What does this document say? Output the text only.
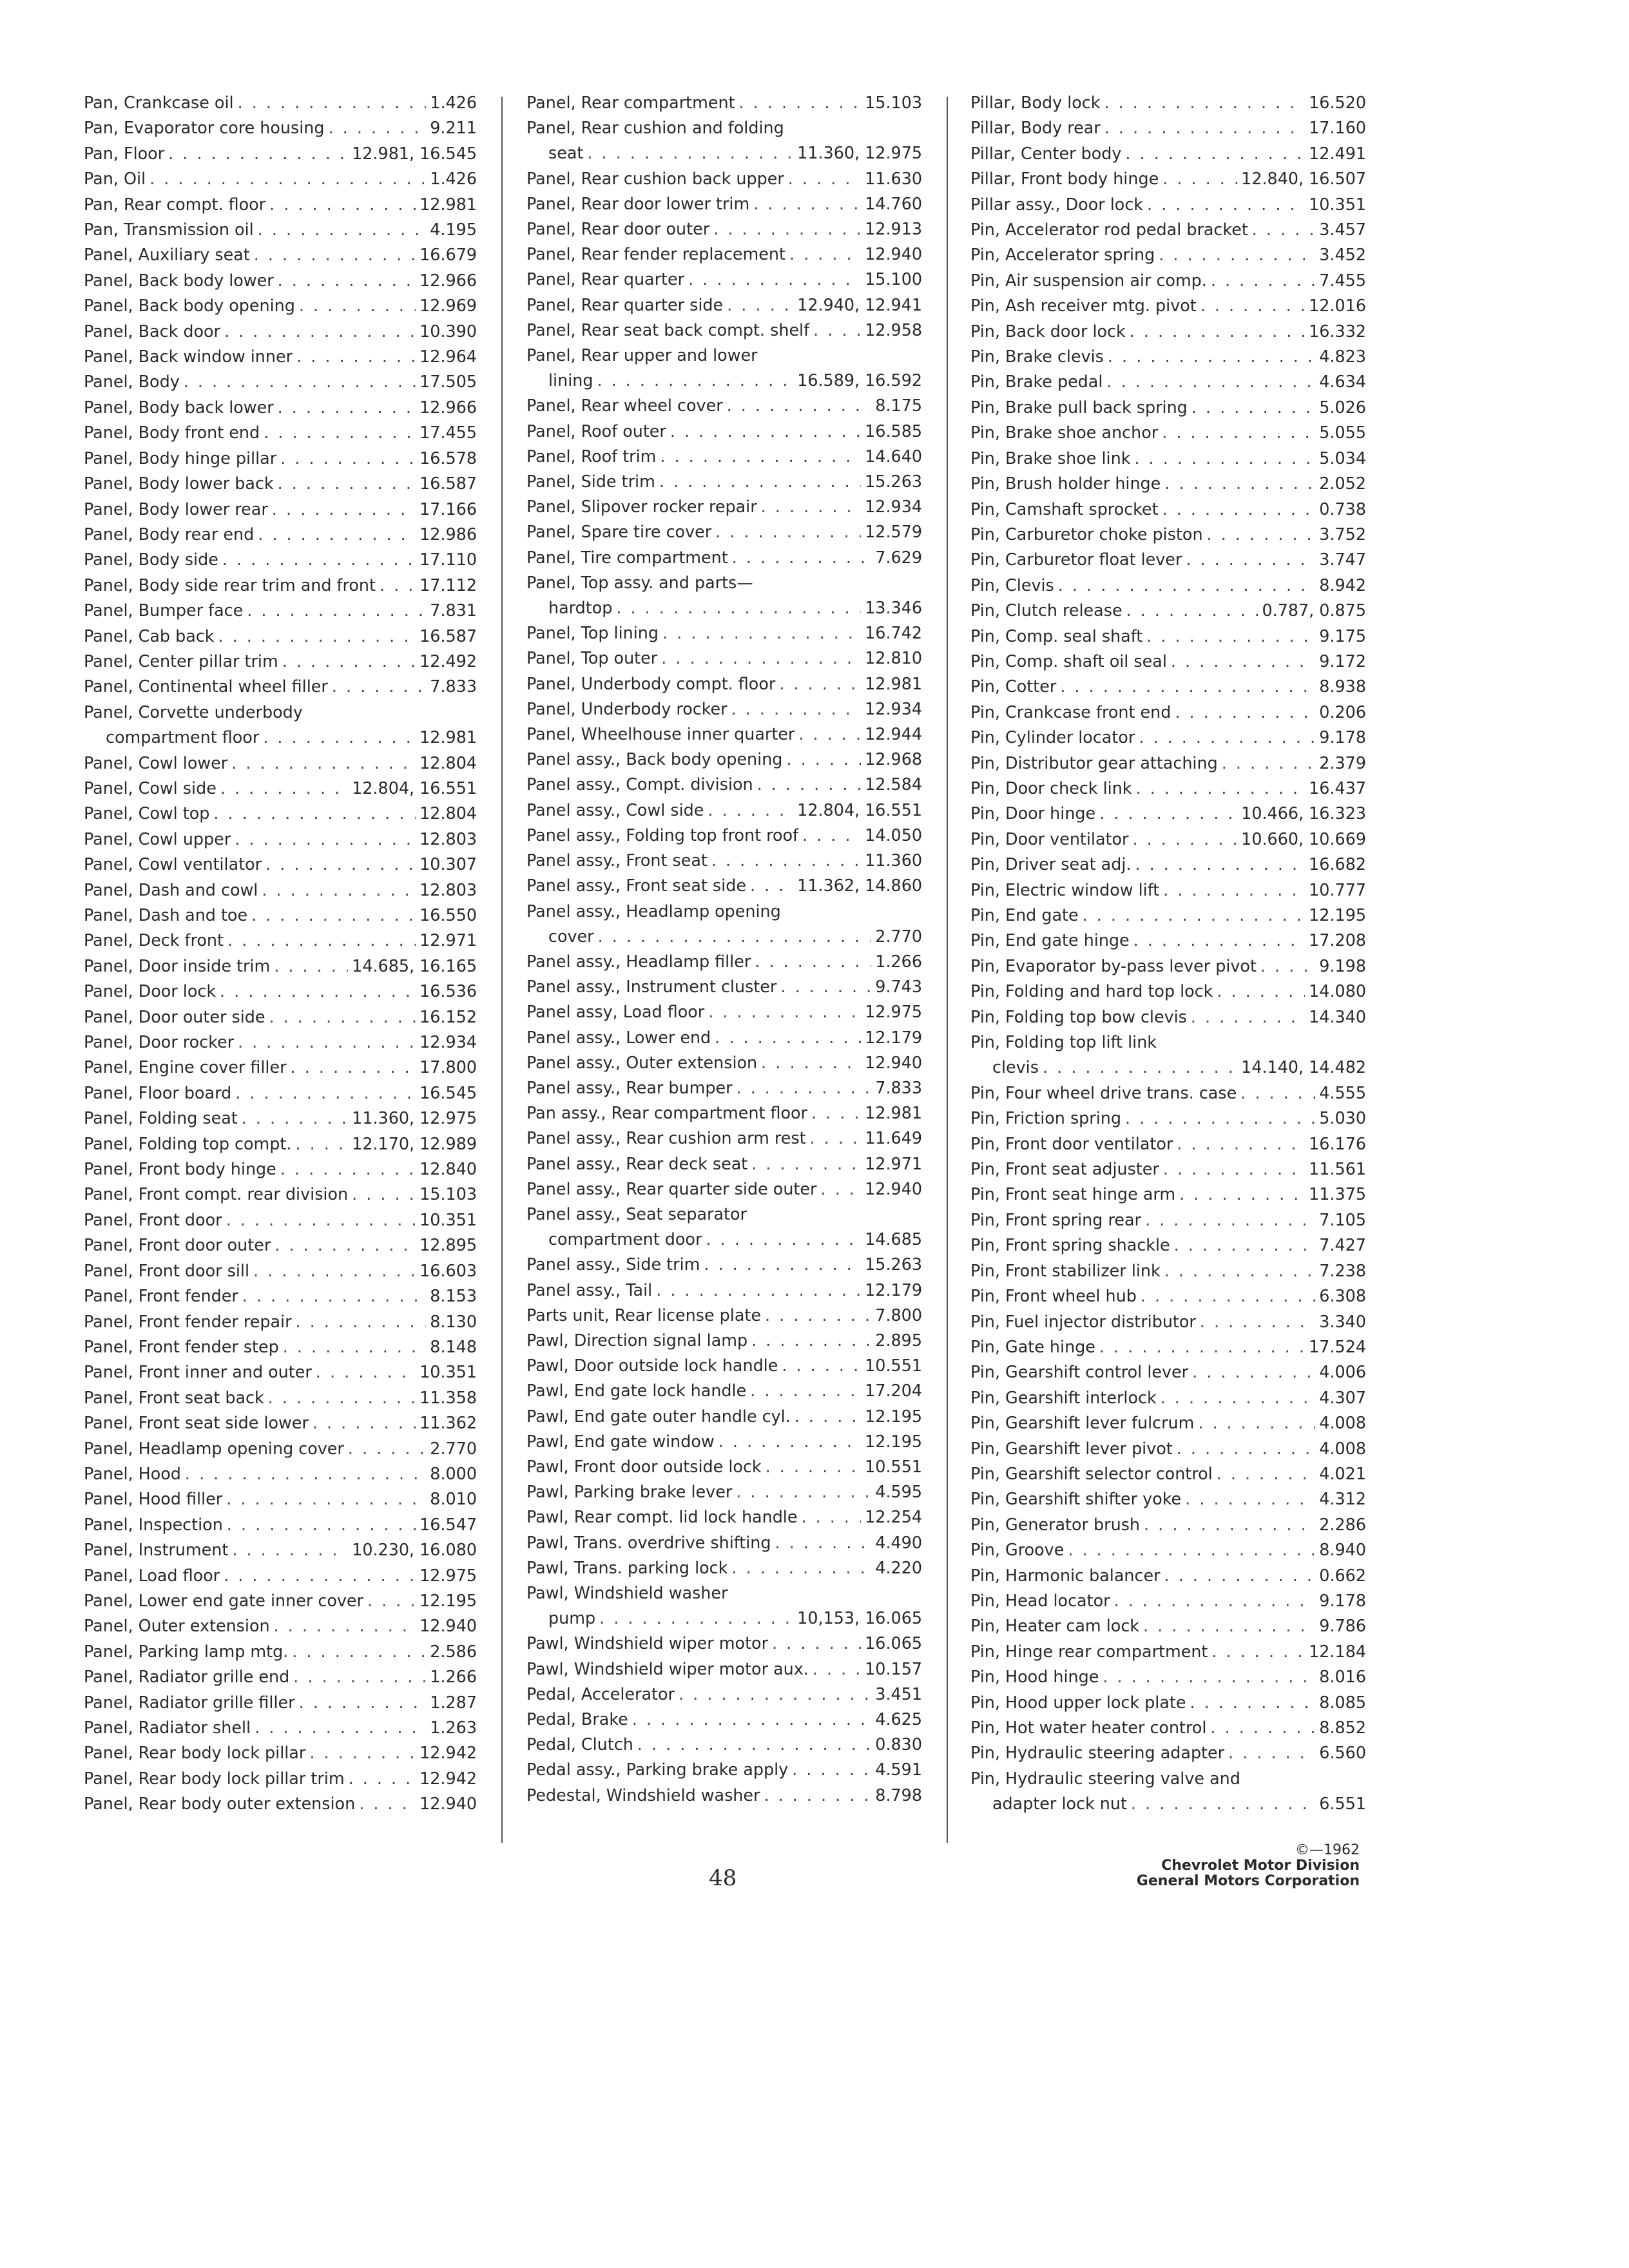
Pan, Crankcase oil . . .	1.426
Pan, Evaporator core housing . . .	9.211
Pan, Floor . . .	12.981, 16.545
Pan, Oil . . .	1.426
Pan, Rear compt. floor . . .	12.981
Pan, Transmission oil . . .	4.195
Panel, Auxiliary seat . . .	16.679
Panel, Back body lower . . .	12.966
Panel, Back body opening . . .	12.969
Panel, Back door . . .	10.390
Panel, Back window inner . . .	12.964
Panel, Body . . .	17.505
Panel, Body back lower . . .	12.966
Panel, Body front end . . .	17.455
Panel, Body hinge pillar . . .	16.578
Panel, Body lower back . . .	16.587
Panel, Body lower rear . . .	17.166
Panel, Body rear end . . .	12.986
Panel, Body side . . .	17.110
Panel, Body side rear trim and front . . .	17.112
Panel, Bumper face . . .	7.831
Panel, Cab back . . .	16.587
Panel, Center pillar trim . . .	12.492
Panel, Continental wheel filler . . .	7.833
Panel, Corvette underbody
compartment floor . . .	12.981
Panel, Cowl lower . . .	12.804
Panel, Cowl side . . .	12.804, 16.551
Panel, Cowl top . . .	12.804
Panel, Cowl upper . . .	12.803
Panel, Cowl ventilator . . .	10.307
Panel, Dash and cowl . . .	12.803
Panel, Dash and toe . . .	16.550
Panel, Deck front . . .	12.971
Panel, Door inside trim . . .	14.685, 16.165
Panel, Door lock . . .	16.536
Panel, Door outer side . . .	16.152
Panel, Door rocker . . .	12.934
Panel, Engine cover filler . . .	17.800
Panel, Floor board . . .	16.545
Panel, Folding seat . . .	11.360, 12.975
Panel, Folding top compt. . . .	12.170, 12.989
Panel, Front body hinge . . .	12.840
Panel, Front compt. rear division . . .	15.103
Panel, Front door . . .	10.351
Panel, Front door outer . . .	12.895
Panel, Front door sill . . .	16.603
Panel, Front fender . . .	8.153
Panel, Front fender repair . . .	8.130
Panel, Front fender step . . .	8.148
Panel, Front inner and outer . . .	10.351
Panel, Front seat back . . .	11.358
Panel, Front seat side lower . . .	11.362
Panel, Headlamp opening cover . . .	2.770
Panel, Hood . . .	8.000
Panel, Hood filler . . .	8.010
Panel, Inspection . . .	16.547
Panel, Instrument . . .	10.230, 16.080
Panel, Load floor . . .	12.975
Panel, Lower end gate inner cover . . .	12.195
Panel, Outer extension . . .	12.940
Panel, Parking lamp mtg. . . .	2.586
Panel, Radiator grille end . . .	1.266
Panel, Radiator grille filler . . .	1.287
Panel, Radiator shell . . .	1.263
Panel, Rear body lock pillar . . .	12.942
Panel, Rear body lock pillar trim . . .	12.942
Panel, Rear body outer extension . . .	12.940
Panel, Rear compartment . . .	15.103
Panel, Rear cushion and folding
seat . . .	11.360, 12.975
Panel, Rear cushion back upper . . .	11.630
Panel, Rear door lower trim . . .	14.760
Panel, Rear door outer . . .	12.913
Panel, Rear fender replacement . . .	12.940
Panel, Rear quarter . . .	15.100
Panel, Rear quarter side . . .	12.940, 12.941
Panel, Rear seat back compt. shelf . . .	12.958
Panel, Rear upper and lower
lining . . .	16.589, 16.592
Panel, Rear wheel cover . . .	8.175
Panel, Roof outer . . .	16.585
Panel, Roof trim . . .	14.640
Panel, Side trim . . .	15.263
Panel, Slipover rocker repair . . .	12.934
Panel, Spare tire cover . . .	12.579
Panel, Tire compartment . . .	7.629
Panel, Top assy. and parts—
hardtop . . .	13.346
Panel, Top lining . . .	16.742
Panel, Top outer . . .	12.810
Panel, Underbody compt. floor . . .	12.981
Panel, Underbody rocker . . .	12.934
Panel, Wheelhouse inner quarter . . .	12.944
Panel assy., Back body opening . . .	12.968
Panel assy., Compt. division . . .	12.584
Panel assy., Cowl side . . .	12.804, 16.551
Panel assy., Folding top front roof . . .	14.050
Panel assy., Front seat . . .	11.360
Panel assy., Front seat side . . .	11.362, 14.860
Panel assy., Headlamp opening
cover . . .	2.770
Panel assy., Headlamp filler . . .	1.266
Panel assy., Instrument cluster . . .	9.743
Panel assy, Load floor . . .	12.975
Panel assy., Lower end . . .	12.179
Panel assy., Outer extension . . .	12.940
Panel assy., Rear bumper . . .	7.833
Pan assy., Rear compartment floor . . .	12.981
Panel assy., Rear cushion arm rest . . .	11.649
Panel assy., Rear deck seat . . .	12.971
Panel assy., Rear quarter side outer . . .	12.940
Panel assy., Seat separator
compartment door . . .	14.685
Panel assy., Side trim . . .	15.263
Panel assy., Tail . . .	12.179
Parts unit, Rear license plate . . .	7.800
Pawl, Direction signal lamp . . .	2.895
Pawl, Door outside lock handle . . .	10.551
Pawl, End gate lock handle . . .	17.204
Pawl, End gate outer handle cyl. . . .	12.195
Pawl, End gate window . . .	12.195
Pawl, Front door outside lock . . .	10.551
Pawl, Parking brake lever . . .	4.595
Pawl, Rear compt. lid lock handle . . .	12.254
Pawl, Trans. overdrive shifting . . .	4.490
Pawl, Trans. parking lock . . .	4.220
Pawl, Windshield washer
pump . . .	10,153, 16.065
Pawl, Windshield wiper motor . . .	16.065
Pawl, Windshield wiper motor aux. . . .	10.157
Pedal, Accelerator . . .	3.451
Pedal, Brake . . .	4.625
Pedal, Clutch . . .	0.830
Pedal assy., Parking brake apply . . .	4.591
Pedestal, Windshield washer . . .	8.798
Pillar, Body lock . . .	16.520
Pillar, Body rear . . .	17.160
Pillar, Center body . . .	12.491
Pillar, Front body hinge . . .	12.840, 16.507
Pillar assy., Door lock . . .	10.351
Pin, Accelerator rod pedal bracket . . .	3.457
Pin, Accelerator spring . . .	3.452
Pin, Air suspension air comp. . . .	7.455
Pin, Ash receiver mtg. pivot . . .	12.016
Pin, Back door lock . . .	16.332
Pin, Brake clevis . . .	4.823
Pin, Brake pedal . . .	4.634
Pin, Brake pull back spring . . .	5.026
Pin, Brake shoe anchor . . .	5.055
Pin, Brake shoe link . . .	5.034
Pin, Brush holder hinge . . .	2.052
Pin, Camshaft sprocket . . .	0.738
Pin, Carburetor choke piston . . .	3.752
Pin, Carburetor float lever . . .	3.747
Pin, Clevis . . .	8.942
Pin, Clutch release . . .	0.787, 0.875
Pin, Comp. seal shaft . . .	9.175
Pin, Comp. shaft oil seal . . .	9.172
Pin, Cotter . . .	8.938
Pin, Crankcase front end . . .	0.206
Pin, Cylinder locator . . .	9.178
Pin, Distributor gear attaching . . .	2.379
Pin, Door check link . . .	16.437
Pin, Door hinge . . .	10.466, 16.323
Pin, Door ventilator . . .	10.660, 10.669
Pin, Driver seat adj. . . .	16.682
Pin, Electric window lift . . .	10.777
Pin, End gate . . .	12.195
Pin, End gate hinge . . .	17.208
Pin, Evaporator by-pass lever pivot . . .	9.198
Pin, Folding and hard top lock . . .	14.080
Pin, Folding top bow clevis . . .	14.340
Pin, Folding top lift link
clevis . . .	14.140, 14.482
Pin, Four wheel drive trans. case . . .	4.555
Pin, Friction spring . . .	5.030
Pin, Front door ventilator . . .	16.176
Pin, Front seat adjuster . . .	11.561
Pin, Front seat hinge arm . . .	11.375
Pin, Front spring rear . . .	7.105
Pin, Front spring shackle . . .	7.427
Pin, Front stabilizer link . . .	7.238
Pin, Front wheel hub . . .	6.308
Pin, Fuel injector distributor . . .	3.340
Pin, Gate hinge . . .	17.524
Pin, Gearshift control lever . . .	4.006
Pin, Gearshift interlock . . .	4.307
Pin, Gearshift lever fulcrum . . .	4.008
Pin, Gearshift lever pivot . . .	4.008
Pin, Gearshift selector control . . .	4.021
Pin, Gearshift shifter yoke . . .	4.312
Pin, Generator brush . . .	2.286
Pin, Groove . . .	8.940
Pin, Harmonic balancer . . .	0.662
Pin, Head locator . . .	9.178
Pin, Heater cam lock . . .	9.786
Pin, Hinge rear compartment . . .	12.184
Pin, Hood hinge . . .	8.016
Pin, Hood upper lock plate . . .	8.085
Pin, Hot water heater control . . .	8.852
Pin, Hydraulic steering adapter . . .	6.560
Pin, Hydraulic steering valve and
adapter lock nut . . .	6.551
48
©—1962
Chevrolet Motor Division
General Motors Corporation
